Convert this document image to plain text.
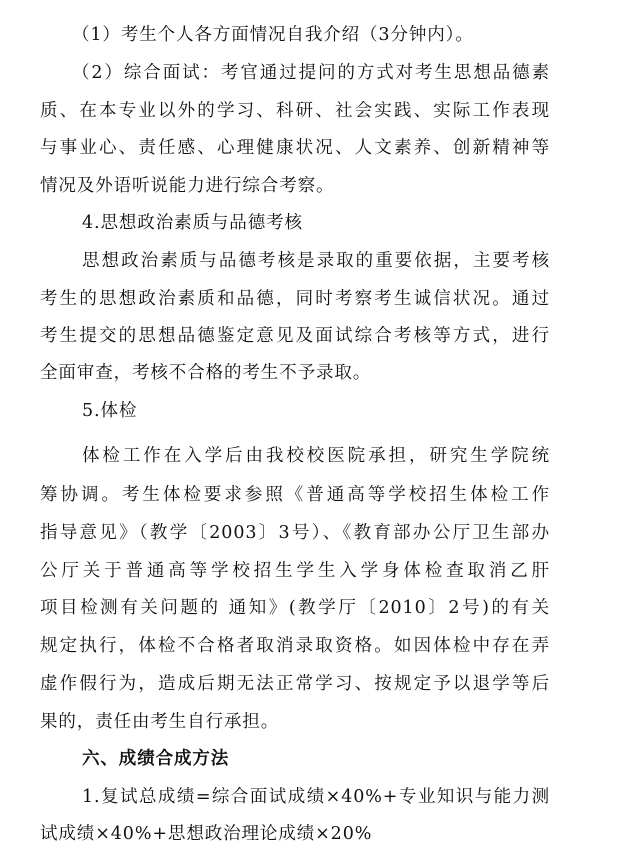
（1）考生个人各方面情况自我介绍（3分钟内）。
（2）综合面试：考官通过提问的方式对考生思想品德素
质、在本专业以外的学习、科研、社会实践、实际工作表现
与事业心、责任感、心理健康状况、人文素养、创新精神等
情况及外语听说能力进行综合考察。
4.思想政治素质与品德考核
思想政治素质与品德考核是录取的重要依据，主要考核
考生的思想政治素质和品德，同时考察考生诚信状况。通过
考生提交的思想品德鉴定意见及面试综合考核等方式，进行
全面审查，考核不合格的考生不予录取。
5.体检
体检工作在入学后由我校校医院承担，研究生学院统
筹协调。考生体检要求参照《普通高等学校招生体检工作
指导意见》（教学〔2003〕3号）、《教育部办公厅卫生部办
公厅关于普通高等学校招生学生入学身体检查取消乙肝
项目检测有关问题的 通知》(教学厅〔2010〕2号)的有关
规定执行，体检不合格者取消录取资格。如因体检中存在弄
虚作假行为，造成后期无法正常学习、按规定予以退学等后
果的，责任由考生自行承担。
六、成绩合成方法
1.复试总成绩=综合面试成绩×40%+专业知识与能力测
试成绩×40%+思想政治理论成绩×20%
